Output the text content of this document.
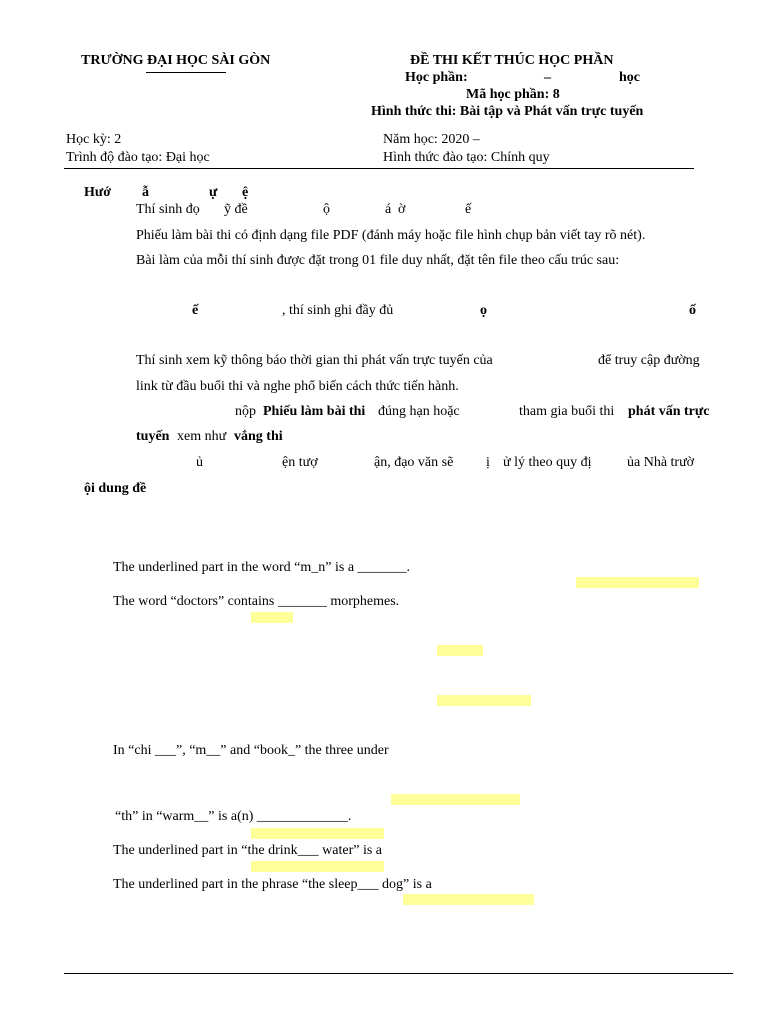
TRƯỜNG ĐẠI HỌC SÀI GÒN	ĐỀ THI KẾT THÚC HỌC PHẦN
Học phần:	–	học
Mã học phần: 8
Hình thức thi: Bài tập và Phát vấn trực tuyến
Học kỳ: 2	Năm học: 2020 –
Trình độ đào tạo: Đại học	Hình thức đào tạo: Chính quy
Hướ ẫ	ự ệ
Thí sinh đọ ỹ đề	ộ	á ờ	ế
Phiếu làm bài thi có định dạng file PDF (đánh máy hoặc file hình chụp bản viết tay rõ nét).
Bài làm của mỗi thí sinh được đặt trong 01 file duy nhất, đặt tên file theo cấu trúc sau:
ế	, thí sinh ghi đầy đủ	ọ	ố
Thí sinh xem kỹ thông báo thời gian thi phát vấn trực tuyến của	để truy cập đường
link từ đầu buổi thi và nghe phổ biến cách thức tiến hành.
nộp Phiếu làm bài thi đúng hạn hoặc	tham gia buổi thi phát vấn trực
tuyến xem như vắng thi
ủ	ện tượ	ận, đạo văn sẽ ị ử lý theo quy đị	ủa Nhà trườ
ội dung đề
The underlined part in the word “m_n” is a _______.
The word “doctors” contains _______ morphemes.
In “chi ___”, “m__” and “book_” the three under
“th” in “warm__” is a(n) _____________.
The underlined part in “the drink___ water” is a
The underlined part in the phrase “the sleep___ dog” is a
